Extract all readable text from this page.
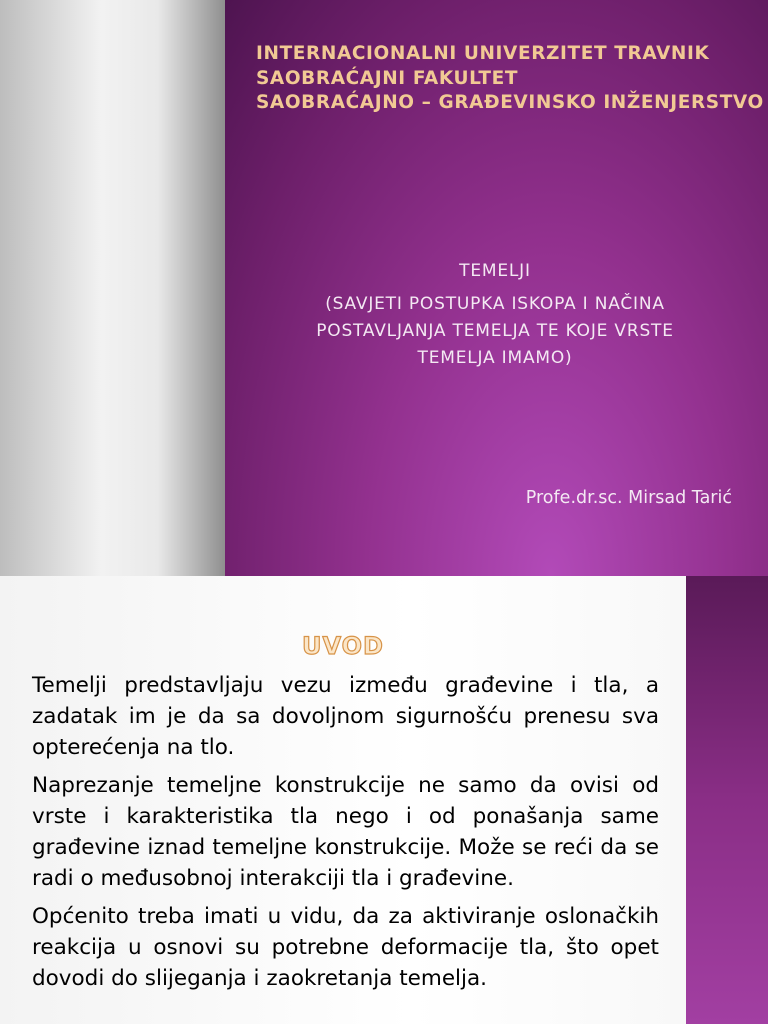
INTERNACIONALNI UNIVERZITET TRAVNIK
SAOBRAĆAJNI FAKULTET
SAOBRAĆAJNO – GRAĐEVINSKO INŽENJERSTVO
TEMELJI
(SAVJETI POSTUPKA ISKOPA I NAČINA
POSTAVLJANJA TEMELJA TE KOJE VRSTE
TEMELJA IMAMO)
Profe.dr.sc. Mirsad Tarić
UVOD

Temelji predstavljaju vezu između građevine i tla, a zadatak im je da sa dovoljnom sigurnošću prenesu sva opterećenja na tlo.

Naprezanje temeljne konstrukcije ne samo da ovisi od vrste i karakteristika tla nego i od ponašanja same građevine iznad temeljne konstrukcije. Može se reći da se radi o međusobnoj interakciji tla i građevine.

Općenito treba imati u vidu, da za aktiviranje oslonačkih reakcija u osnovi su potrebne deformacije tla, što opet dovodi do slijeganja i zaokretanja temelja.
